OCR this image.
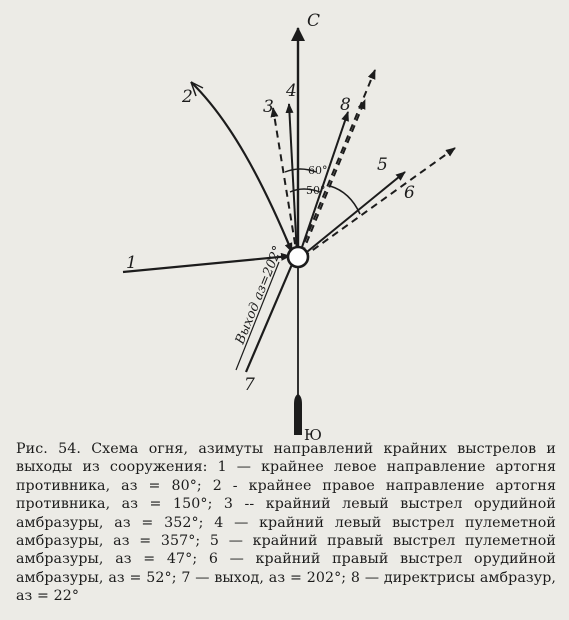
С
Ю
1
2	3
4
8
5
6
7
60°
50°
Выход аз=202°

Рис. 54. Схема огня, азимуты направлений крайних выстрелов и выходы из сооружения: 1 — крайнее левое направление артогня противника, аз = 80°; 2 - крайнее правое направление артогня противника, аз = 150°; 3 -- крайний левый выстрел орудийной амбразуры, аз = 352°; 4 — крайний левый выстрел пулеметной амбразуры, аз = 357°; 5 — крайний правый выстрел пулеметной амбразуры, аз = 47°; 6 — крайний правый выстрел орудийной амбразуры, аз = 52°; 7 — выход, аз = 202°; 8 — директрисы амбразур, аз = 22°
